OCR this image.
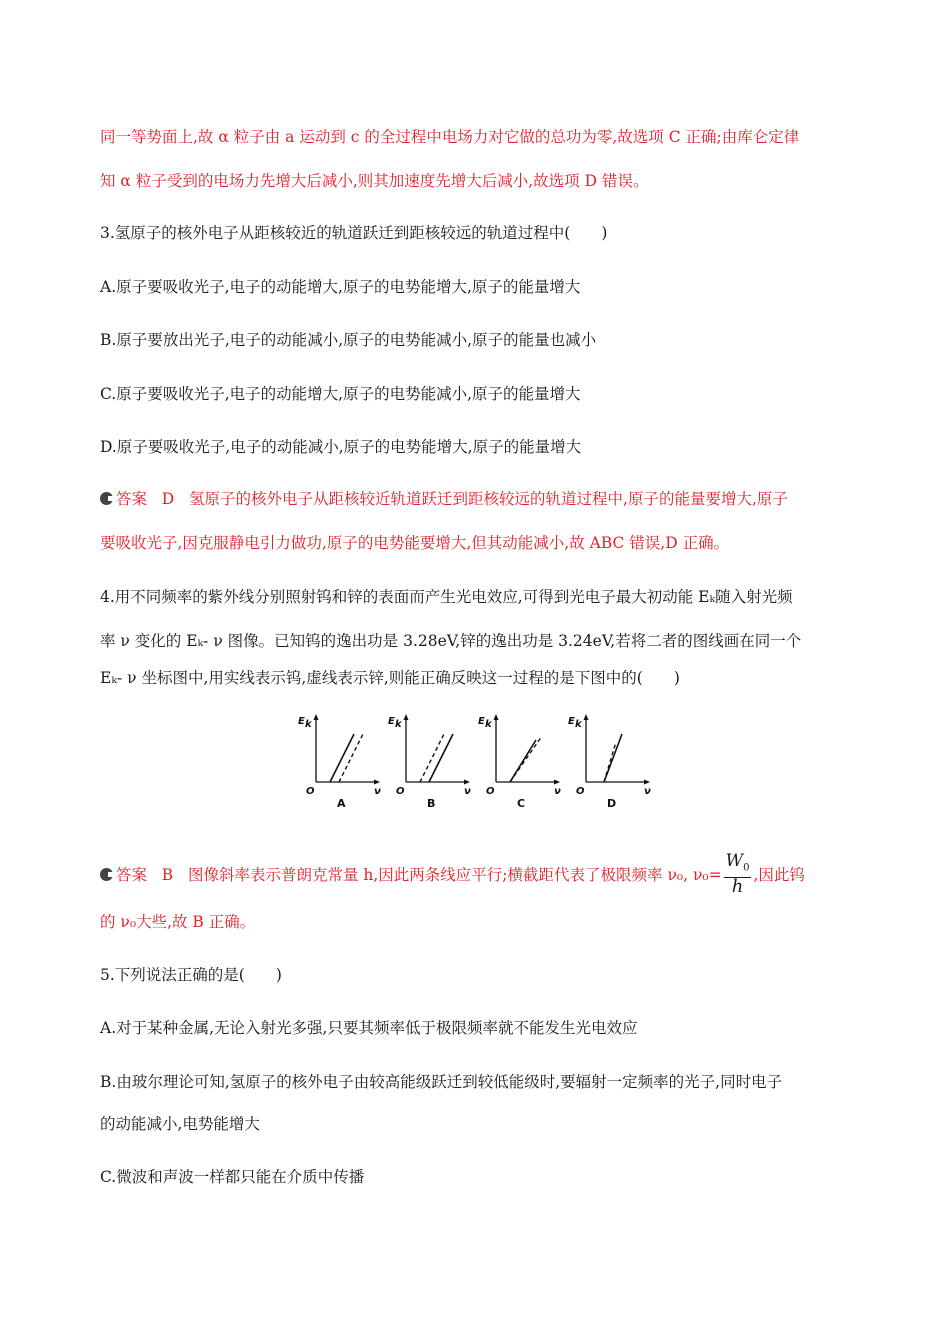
同一等势面上,故 α 粒子由 a 运动到 c 的全过程中电场力对它做的总功为零,故选项 C 正确;由库仑定律
知 α 粒子受到的电场力先增大后减小,则其加速度先增大后减小,故选项 D 错误。
3.氢原子的核外电子从距核较近的轨道跃迁到距核较远的轨道过程中(　　)
A.原子要吸收光子,电子的动能增大,原子的电势能增大,原子的能量增大
B.原子要放出光子,电子的动能减小,原子的电势能减小,原子的能量也减小
C.原子要吸收光子,电子的动能增大,原子的电势能减小,原子的能量增大
D.原子要吸收光子,电子的动能减小,原子的电势能增大,原子的能量增大
答案 D 氢原子的核外电子从距核较近轨道跃迁到距核较远的轨道过程中,原子的能量要增大,原子
要吸收光子,因克服静电引力做功,原子的电势能要增大,但其动能减小,故 ABC 错误,D 正确。
4.用不同频率的紫外线分别照射钨和锌的表面而产生光电效应,可得到光电子最大初动能 Eₖ随入射光频
率 ν 变化的 Eₖ- ν 图像。已知钨的逸出功是 3.28eV,锌的逸出功是 3.24eV,若将二者的图线画在同一个
Eₖ- ν 坐标图中,用实线表示钨,虚线表示锌,则能正确反映这一过程的是下图中的(　　)
E k
O	ν
A
E k
O	ν
B
E k
O	ν
C
E k
O	ν
D
答案 B 图像斜率表示普朗克常量 h,因此两条线应平行;横截距代表了极限频率 ν₀, $\nu_0= \frac{W_0}{h}$ ,因此钨
的 ν₀大些,故 B 正确。
5.下列说法正确的是(　　)
A.对于某种金属,无论入射光多强,只要其频率低于极限频率就不能发生光电效应
B.由玻尔理论可知,氢原子的核外电子由较高能级跃迁到较低能级时,要辐射一定频率的光子,同时电子
的动能减小,电势能增大
C.微波和声波一样都只能在介质中传播
